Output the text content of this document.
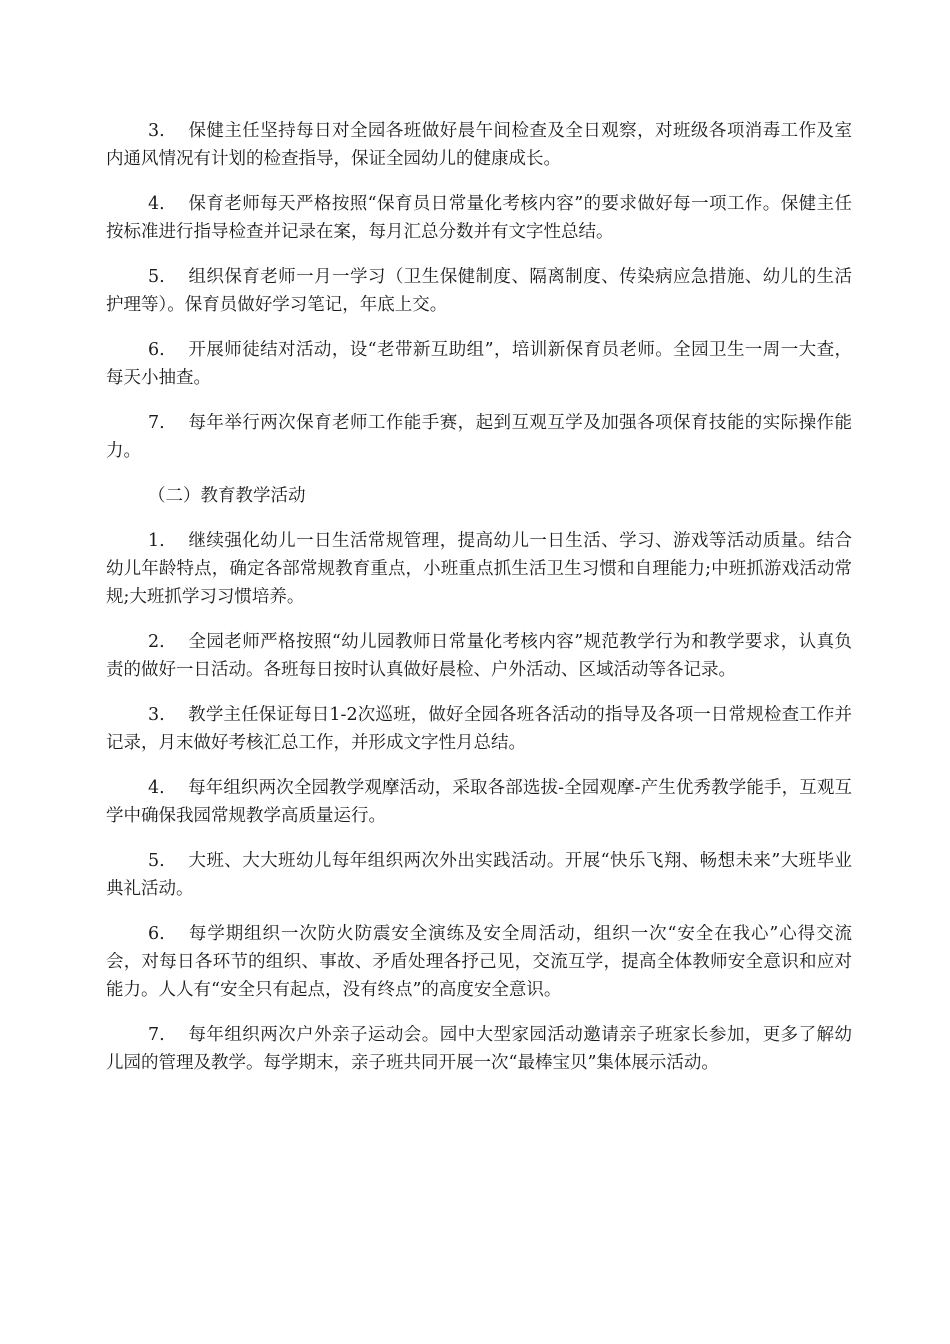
3. 保健主任坚持每日对全园各班做好晨午间检查及全日观察，对班级各项消毒工作及室内通风情况有计划的检查指导，保证全园幼儿的健康成长。

4. 保育老师每天严格按照“保育员日常量化考核内容”的要求做好每一项工作。保健主任按标准进行指导检查并记录在案，每月汇总分数并有文字性总结。

5. 组织保育老师一月一学习（卫生保健制度、隔离制度、传染病应急措施、幼儿的生活护理等）。保育员做好学习笔记，年底上交。

6. 开展师徒结对活动，设“老带新互助组”，培训新保育员老师。全园卫生一周一大查，每天小抽查。

7. 每年举行两次保育老师工作能手赛，起到互观互学及加强各项保育技能的实际操作能力。

（二）教育教学活动

1. 继续强化幼儿一日生活常规管理，提高幼儿一日生活、学习、游戏等活动质量。结合幼儿年龄特点，确定各部常规教育重点，小班重点抓生活卫生习惯和自理能力;中班抓游戏活动常规;大班抓学习习惯培养。

2. 全园老师严格按照“幼儿园教师日常量化考核内容”规范教学行为和教学要求，认真负责的做好一日活动。各班每日按时认真做好晨检、户外活动、区域活动等各记录。

3. 教学主任保证每日1-2次巡班，做好全园各班各活动的指导及各项一日常规检查工作并记录，月末做好考核汇总工作，并形成文字性月总结。

4. 每年组织两次全园教学观摩活动，采取各部选拔-全园观摩-产生优秀教学能手，互观互学中确保我园常规教学高质量运行。

5. 大班、大大班幼儿每年组织两次外出实践活动。开展“快乐飞翔、畅想未来”大班毕业典礼活动。

6. 每学期组织一次防火防震安全演练及安全周活动，组织一次“安全在我心”心得交流会，对每日各环节的组织、事故、矛盾处理各抒己见，交流互学，提高全体教师安全意识和应对能力。人人有“安全只有起点，没有终点”的高度安全意识。

7. 每年组织两次户外亲子运动会。园中大型家园活动邀请亲子班家长参加，更多了解幼儿园的管理及教学。每学期末，亲子班共同开展一次“最棒宝贝”集体展示活动。
